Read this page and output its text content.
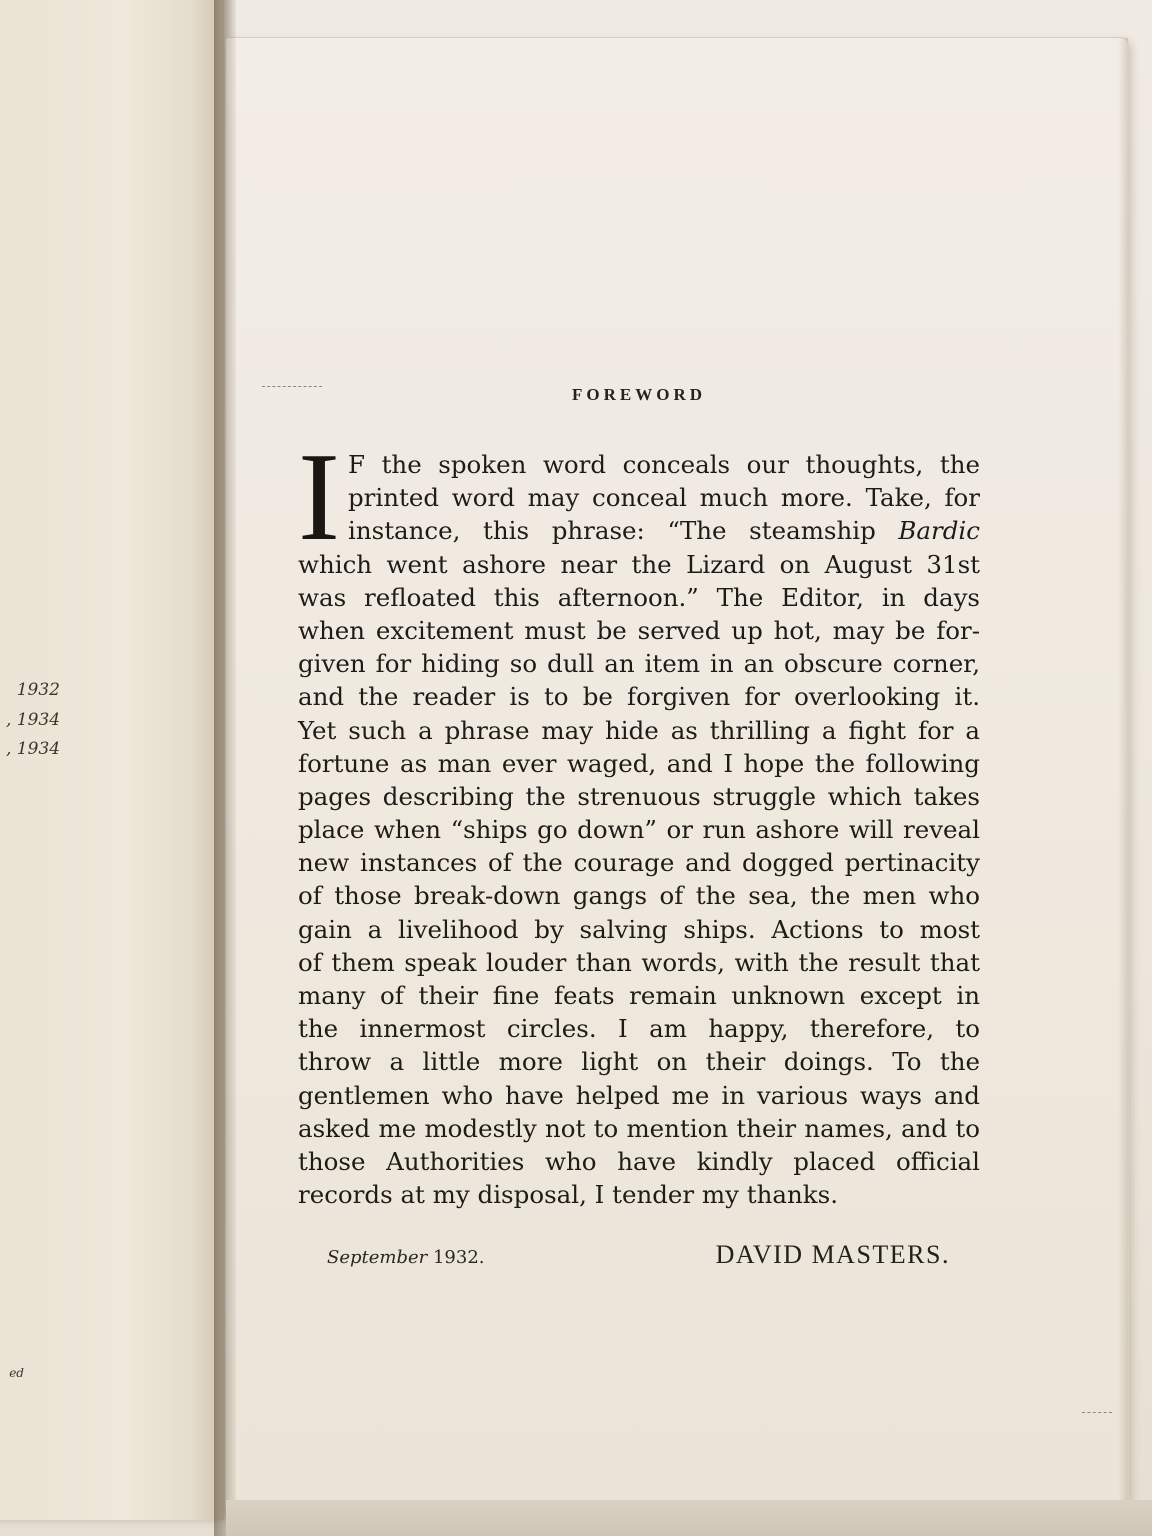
1932
, 1934
, 1934
ed
FOREWORD
I F the spoken word conceals our thoughts, the
printed word may conceal much more. Take, for
instance, this phrase: “The steamship Bardic
which went ashore near the Lizard on August 31st
was refloated this afternoon.” The Editor, in days
when excitement must be served up hot, may be for-
given for hiding so dull an item in an obscure corner,
and the reader is to be forgiven for overlooking it.
Yet such a phrase may hide as thrilling a fight for a
fortune as man ever waged, and I hope the following
pages describing the strenuous struggle which takes
place when “ships go down” or run ashore will reveal
new instances of the courage and dogged pertinacity
of those break-down gangs of the sea, the men who
gain a livelihood by salving ships. Actions to most
of them speak louder than words, with the result that
many of their fine feats remain unknown except in
the innermost circles. I am happy, therefore, to
throw a little more light on their doings. To the
gentlemen who have helped me in various ways and
asked me modestly not to mention their names, and to
those Authorities who have kindly placed official
records at my disposal, I tender my thanks.
September 1932.	DAVID MASTERS.
